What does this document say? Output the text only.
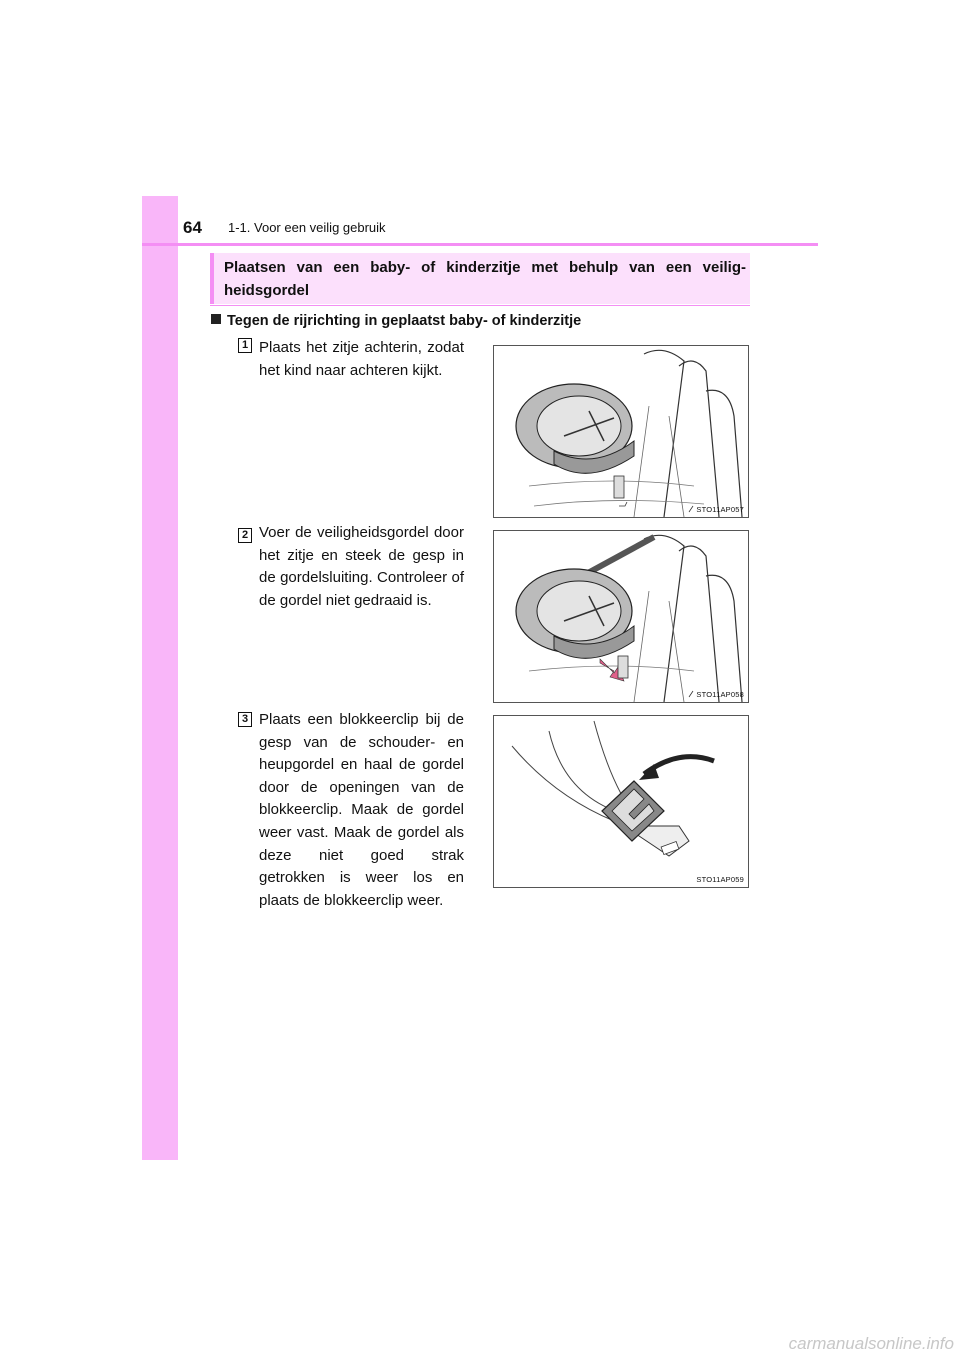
64 1-1. Voor een veilig gebruik
Plaatsen van een baby- of kinderzitje met behulp van een veilig-heidsgordel
Tegen de rijrichting in geplaatst baby- of kinderzitje
1 Plaats het zitje achterin, zodat het kind naar achteren kijkt.
STO11AP057
2 Voer de veiligheidsgordel door het zitje en steek de gesp in de gordelsluiting. Controleer of de gordel niet gedraaid is.
STO11AP058
3 Plaats een blokkeerclip bij de gesp van de schouder- en heupgordel en haal de gordel door de openingen van de blokkeerclip. Maak de gordel weer vast. Maak de gordel als deze niet goed strak getrokken is weer los en plaats de blokkeerclip weer.
STO11AP059
carmanualsonline.info
